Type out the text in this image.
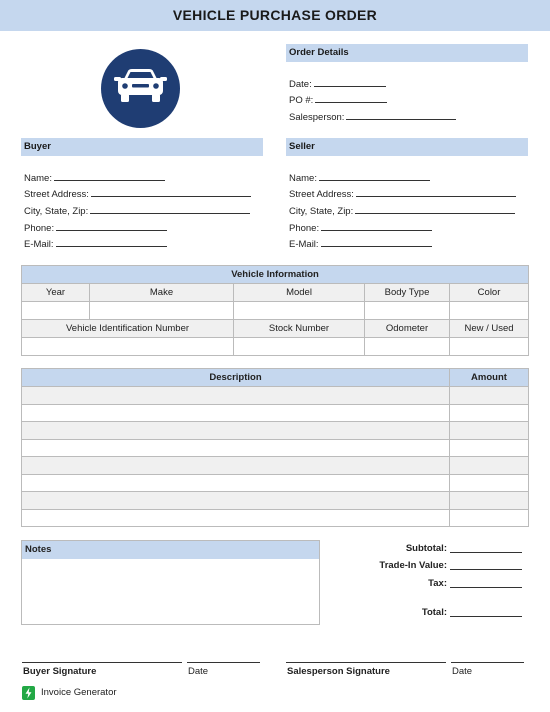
VEHICLE PURCHASE ORDER
Order Details
Date:
PO #:
Salesperson:
Buyer
Name:
Street Address:
City, State, Zip:
Phone:
E-Mail:
Seller
Name:
Street Address:
City, State, Zip:
Phone:
E-Mail:
Vehicle Information				
Year	Make	Model	Body Type	Color

Vehicle Identification Number		Stock Number	Odometer	New / Used

Description	Amount

Notes	Subtotal:
Trade-In Value:
Tax:
Total:
Buyer Signature	Date	Salesperson Signature	Date
Invoice Generator
